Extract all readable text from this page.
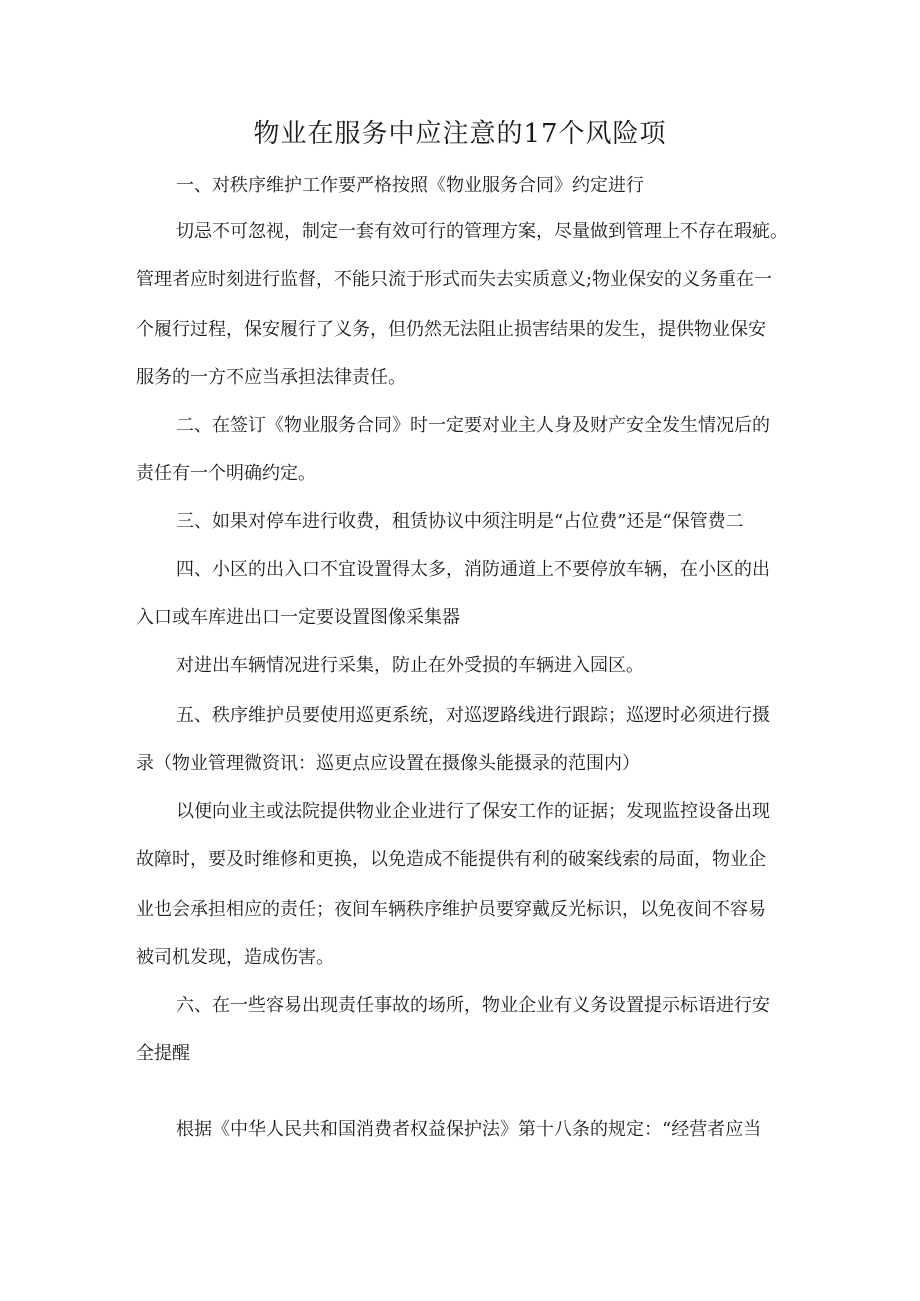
物业在服务中应注意的17个风险项

一、对秩序维护工作要严格按照《物业服务合同》约定进行

切忌不可忽视，制定一套有效可行的管理方案，尽量做到管理上不存在瑕疵。

管理者应时刻进行监督，不能只流于形式而失去实质意义;物业保安的义务重在一

个履行过程，保安履行了义务，但仍然无法阻止损害结果的发生，提供物业保安

服务的一方不应当承担法律责任。

二、在签订《物业服务合同》时一定要对业主人身及财产安全发生情况后的

责任有一个明确约定。

三、如果对停车进行收费，租赁协议中须注明是“占位费”还是“保管费二

四、小区的出入口不宜设置得太多，消防通道上不要停放车辆，在小区的出

入口或车库进出口一定要设置图像采集器

对进出车辆情况进行采集，防止在外受损的车辆进入园区。

五、秩序维护员要使用巡更系统，对巡逻路线进行跟踪；巡逻时必须进行摄

录（物业管理微资讯：巡更点应设置在摄像头能摄录的范围内）

以便向业主或法院提供物业企业进行了保安工作的证据；发现监控设备出现

故障时，要及时维修和更换，以免造成不能提供有利的破案线索的局面，物业企

业也会承担相应的责任；夜间车辆秩序维护员要穿戴反光标识，以免夜间不容易

被司机发现，造成伤害。

六、在一些容易出现责任事故的场所，物业企业有义务设置提示标语进行安

全提醒

根据《中华人民共和国消费者权益保护法》第十八条的规定：“经营者应当
